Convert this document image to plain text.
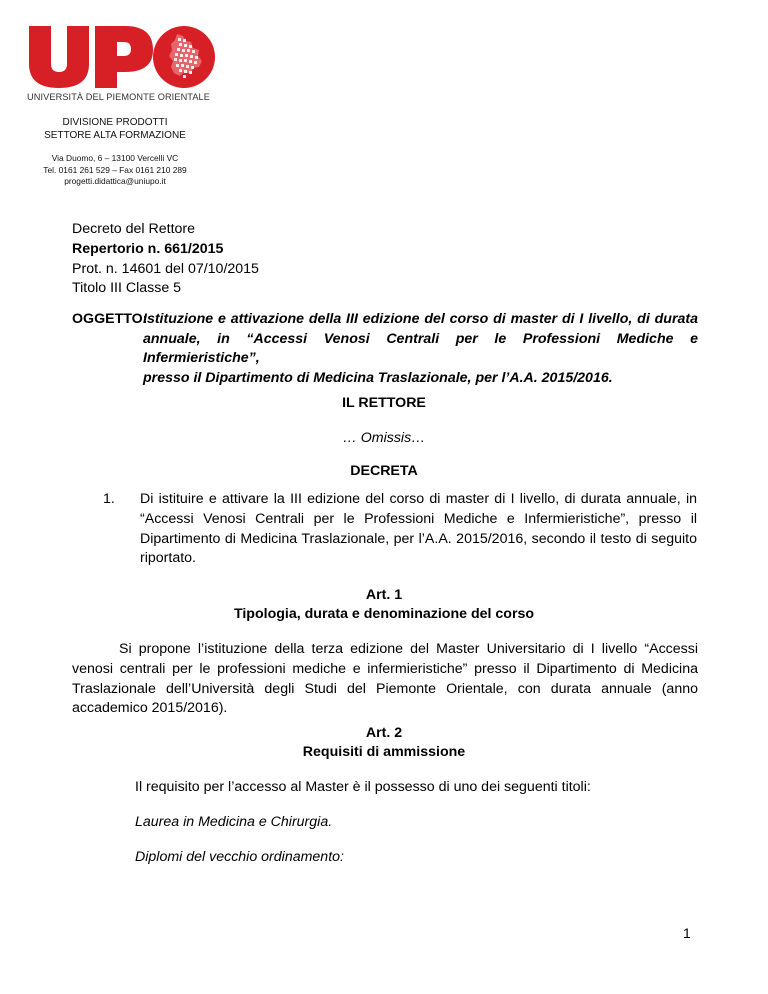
UNIVERSITÀ DEL PIEMONTE ORIENTALE
DIVISIONE PRODOTTI
SETTORE ALTA FORMAZIONE
Via Duomo, 6 – 13100 Vercelli VC
Tel. 0161 261 529 – Fax 0161 210 289
progetti.didattica@uniupo.it
Decreto del Rettore
Repertorio n. 661/2015
Prot. n. 14601 del 07/10/2015
Titolo III Classe 5
OGGETTO:
Istituzione e attivazione della III edizione del corso di master di I livello, di durata
annuale, in “Accessi Venosi Centrali per le Professioni Mediche e Infermieristiche”,
presso il Dipartimento di Medicina Traslazionale, per l’A.A. 2015/2016.
IL RETTORE
… Omissis…
DECRETA
1. Di istituire e attivare la III edizione del corso di master di I livello, di durata annuale, in “Accessi Venosi Centrali per le Professioni Mediche e Infermieristiche”, presso il Dipartimento di Medicina Traslazionale, per l’A.A. 2015/2016, secondo il testo di seguito riportato.
Art. 1
Tipologia, durata e denominazione del corso
Si propone l’istituzione della terza edizione del Master Universitario di I livello “Accessi venosi centrali per le professioni mediche e infermieristiche” presso il Dipartimento di Medicina Traslazionale dell’Università degli Studi del Piemonte Orientale, con durata annuale (anno accademico 2015/2016).
Art. 2
Requisiti di ammissione
Il requisito per l’accesso al Master è il possesso di uno dei seguenti titoli:
Laurea in Medicina e Chirurgia.
Diplomi del vecchio ordinamento:
1
